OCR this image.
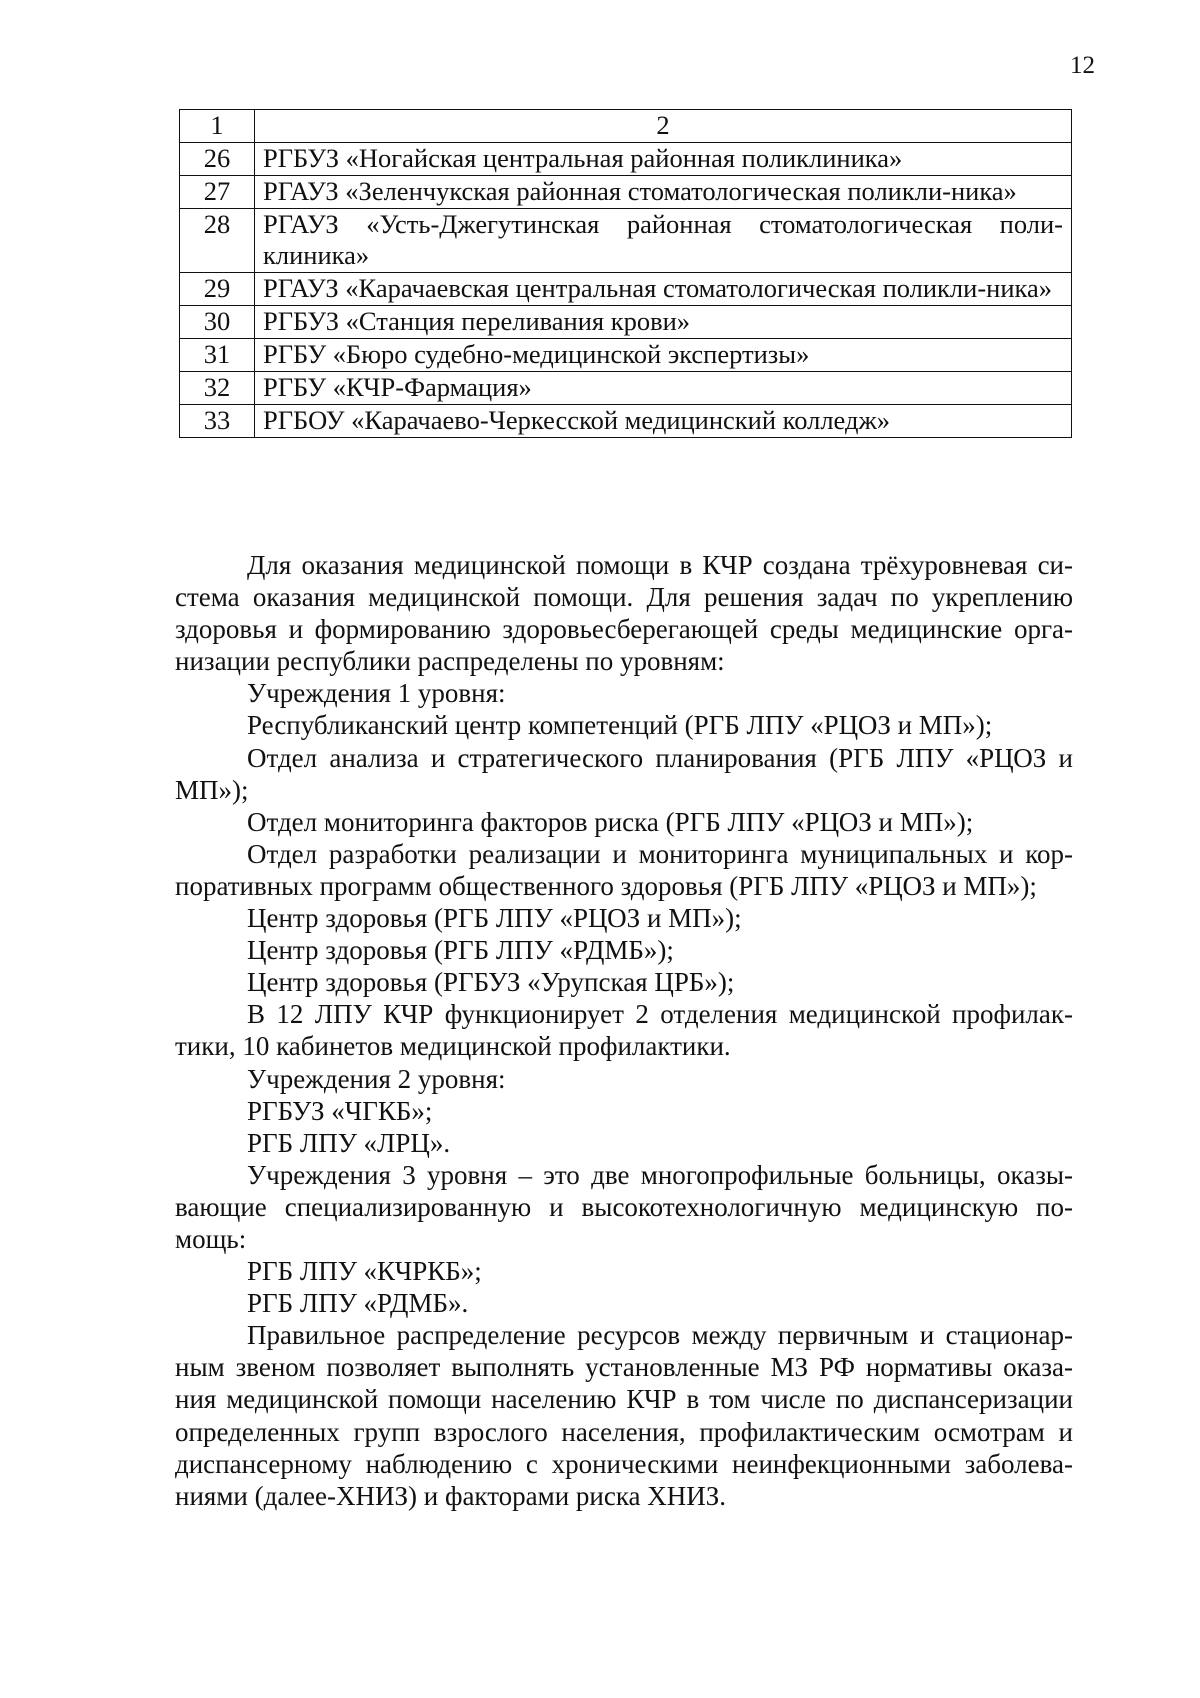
12
1	2
26	РГБУЗ «Ногайская центральная районная поликлиника»
27	РГАУЗ «Зеленчукская районная стоматологическая поликли-ника»
28	РГАУЗ «Усть-Джегутинская районная стоматологическая поли-клиника»
29	РГАУЗ «Карачаевская центральная стоматологическая поликли-ника»
30	РГБУЗ «Станция переливания крови»
31	РГБУ «Бюро судебно-медицинской экспертизы»
32	РГБУ «КЧР-Фармация»
33	РГБОУ «Карачаево-Черкесской медицинский колледж»

Для оказания медицинской помощи в КЧР создана трёхуровневая си-стема оказания медицинской помощи. Для решения задач по укреплению здоровья и формированию здоровьесберегающей среды медицинские орга-низации республики распределены по уровням:

Учреждения 1 уровня:

Республиканский центр компетенций (РГБ ЛПУ «РЦОЗ и МП»);

Отдел анализа и стратегического планирования (РГБ ЛПУ «РЦОЗ и МП»);

Отдел мониторинга факторов риска (РГБ ЛПУ «РЦОЗ и МП»);

Отдел разработки реализации и мониторинга муниципальных и кор-поративных программ общественного здоровья (РГБ ЛПУ «РЦОЗ и МП»);

Центр здоровья (РГБ ЛПУ «РЦОЗ и МП»);

Центр здоровья (РГБ ЛПУ «РДМБ»);

Центр здоровья (РГБУЗ «Урупская ЦРБ»);

В 12 ЛПУ КЧР функционирует 2 отделения медицинской профилак-тики, 10 кабинетов медицинской профилактики.

Учреждения 2 уровня:

РГБУЗ «ЧГКБ»;

РГБ ЛПУ «ЛРЦ».

Учреждения 3 уровня – это две многопрофильные больницы, оказы-вающие специализированную и высокотехнологичную медицинскую по-мощь:

РГБ ЛПУ «КЧРКБ»;

РГБ ЛПУ «РДМБ».

Правильное распределение ресурсов между первичным и стационар-ным звеном позволяет выполнять установленные МЗ РФ нормативы оказа-ния медицинской помощи населению КЧР в том числе по диспансеризации определенных групп взрослого населения, профилактическим осмотрам и диспансерному наблюдению с хроническими неинфекционными заболева-ниями (далее-ХНИЗ) и факторами риска ХНИЗ.
